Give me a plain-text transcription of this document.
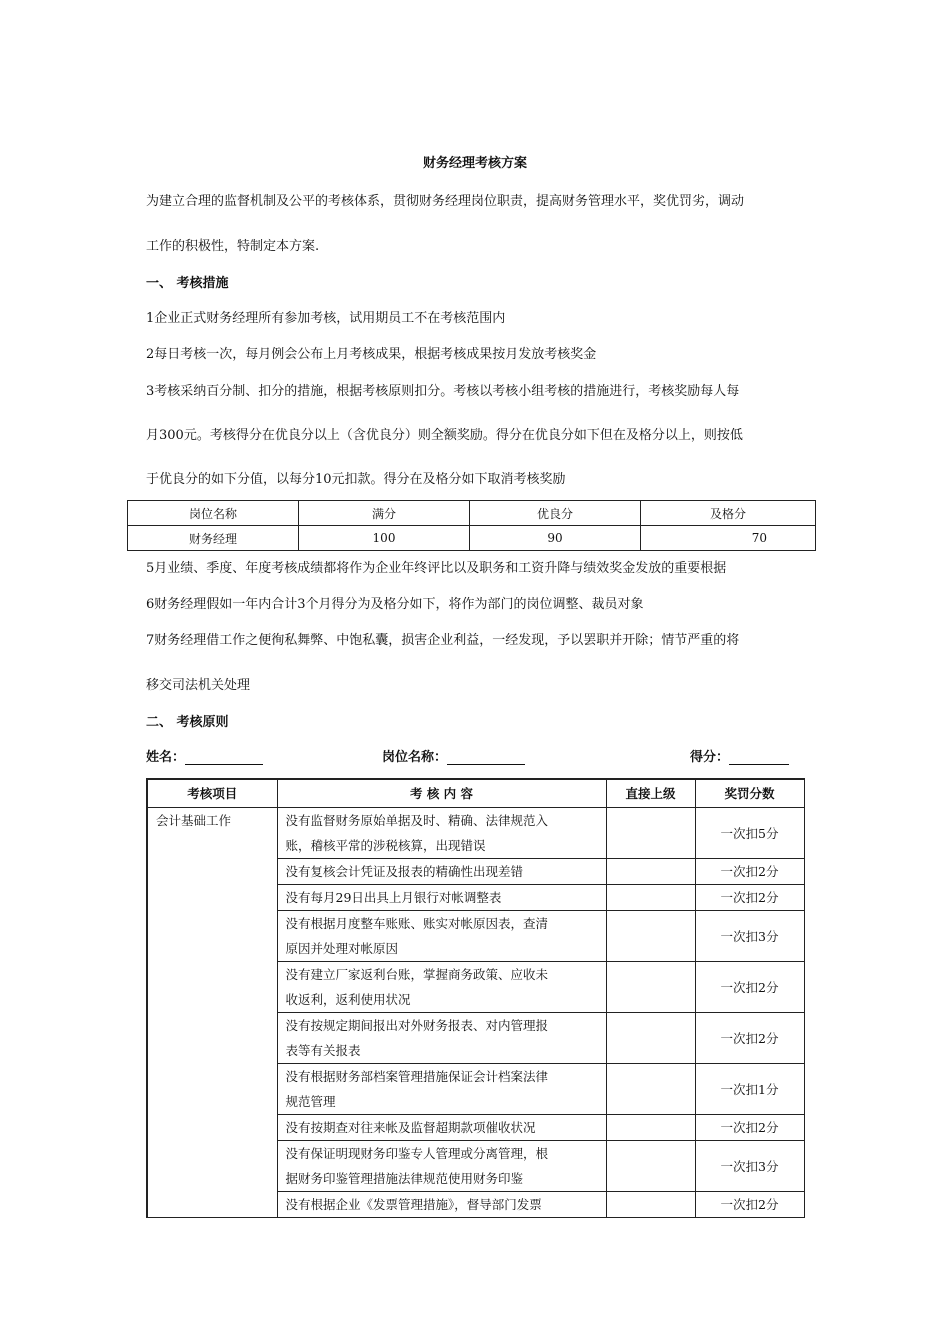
财务经理考核方案
为建立合理的监督机制及公平的考核体系，贯彻财务经理岗位职责，提高财务管理水平，奖优罚劣，调动
工作的积极性，特制定本方案.
一、 考核措施
1企业正式财务经理所有参加考核，试用期员工不在考核范围内
2每日考核一次，每月例会公布上月考核成果，根据考核成果按月发放考核奖金
3考核采纳百分制、扣分的措施，根据考核原则扣分。考核以考核小组考核的措施进行，考核奖励每人每
月300元。考核得分在优良分以上（含优良分）则全额奖励。得分在优良分如下但在及格分以上，则按低
于优良分的如下分值，以每分10元扣款。得分在及格分如下取消考核奖励
岗位名称	满分	优良分	及格分
财务经理	100	90	70
5月业绩、季度、年度考核成绩都将作为企业年终评比以及职务和工资升降与绩效奖金发放的重要根据
6财务经理假如一年内合计3个月得分为及格分如下，将作为部门的岗位调整、裁员对象
7财务经理借工作之便徇私舞弊、中饱私囊，损害企业利益，一经发现，予以罢职并开除；情节严重的将
移交司法机关处理
二、 考核原则
姓名：	岗位名称：	得分：
考核项目	考 核 内 容	直接上级	奖罚分数
会计基础工作	没有监督财务原始单据及时、精确、法律规范入
账，稽核平常的涉税核算，出现错误		一次扣5分

	没有复核会计凭证及报表的精确性出现差错		一次扣2分

	没有每月29日出具上月银行对帐调整表		一次扣2分

	没有根据月度整车账账、账实对帐原因表，查清
原因并处理对帐原因		一次扣3分

	没有建立厂家返利台账，掌握商务政策、应收未
收返利，返利使用状况		一次扣2分

	没有按规定期间报出对外财务报表、对内管理报
表等有关报表		一次扣2分

	没有根据财务部档案管理措施保证会计档案法律
规范管理		一次扣1分

	没有按期查对往来帐及监督超期款项催收状况		一次扣2分

	没有保证明现财务印鉴专人管理或分离管理，根
据财务印鉴管理措施法律规范使用财务印鉴		一次扣3分

	没有根据企业《发票管理措施》，督导部门发票		一次扣2分
